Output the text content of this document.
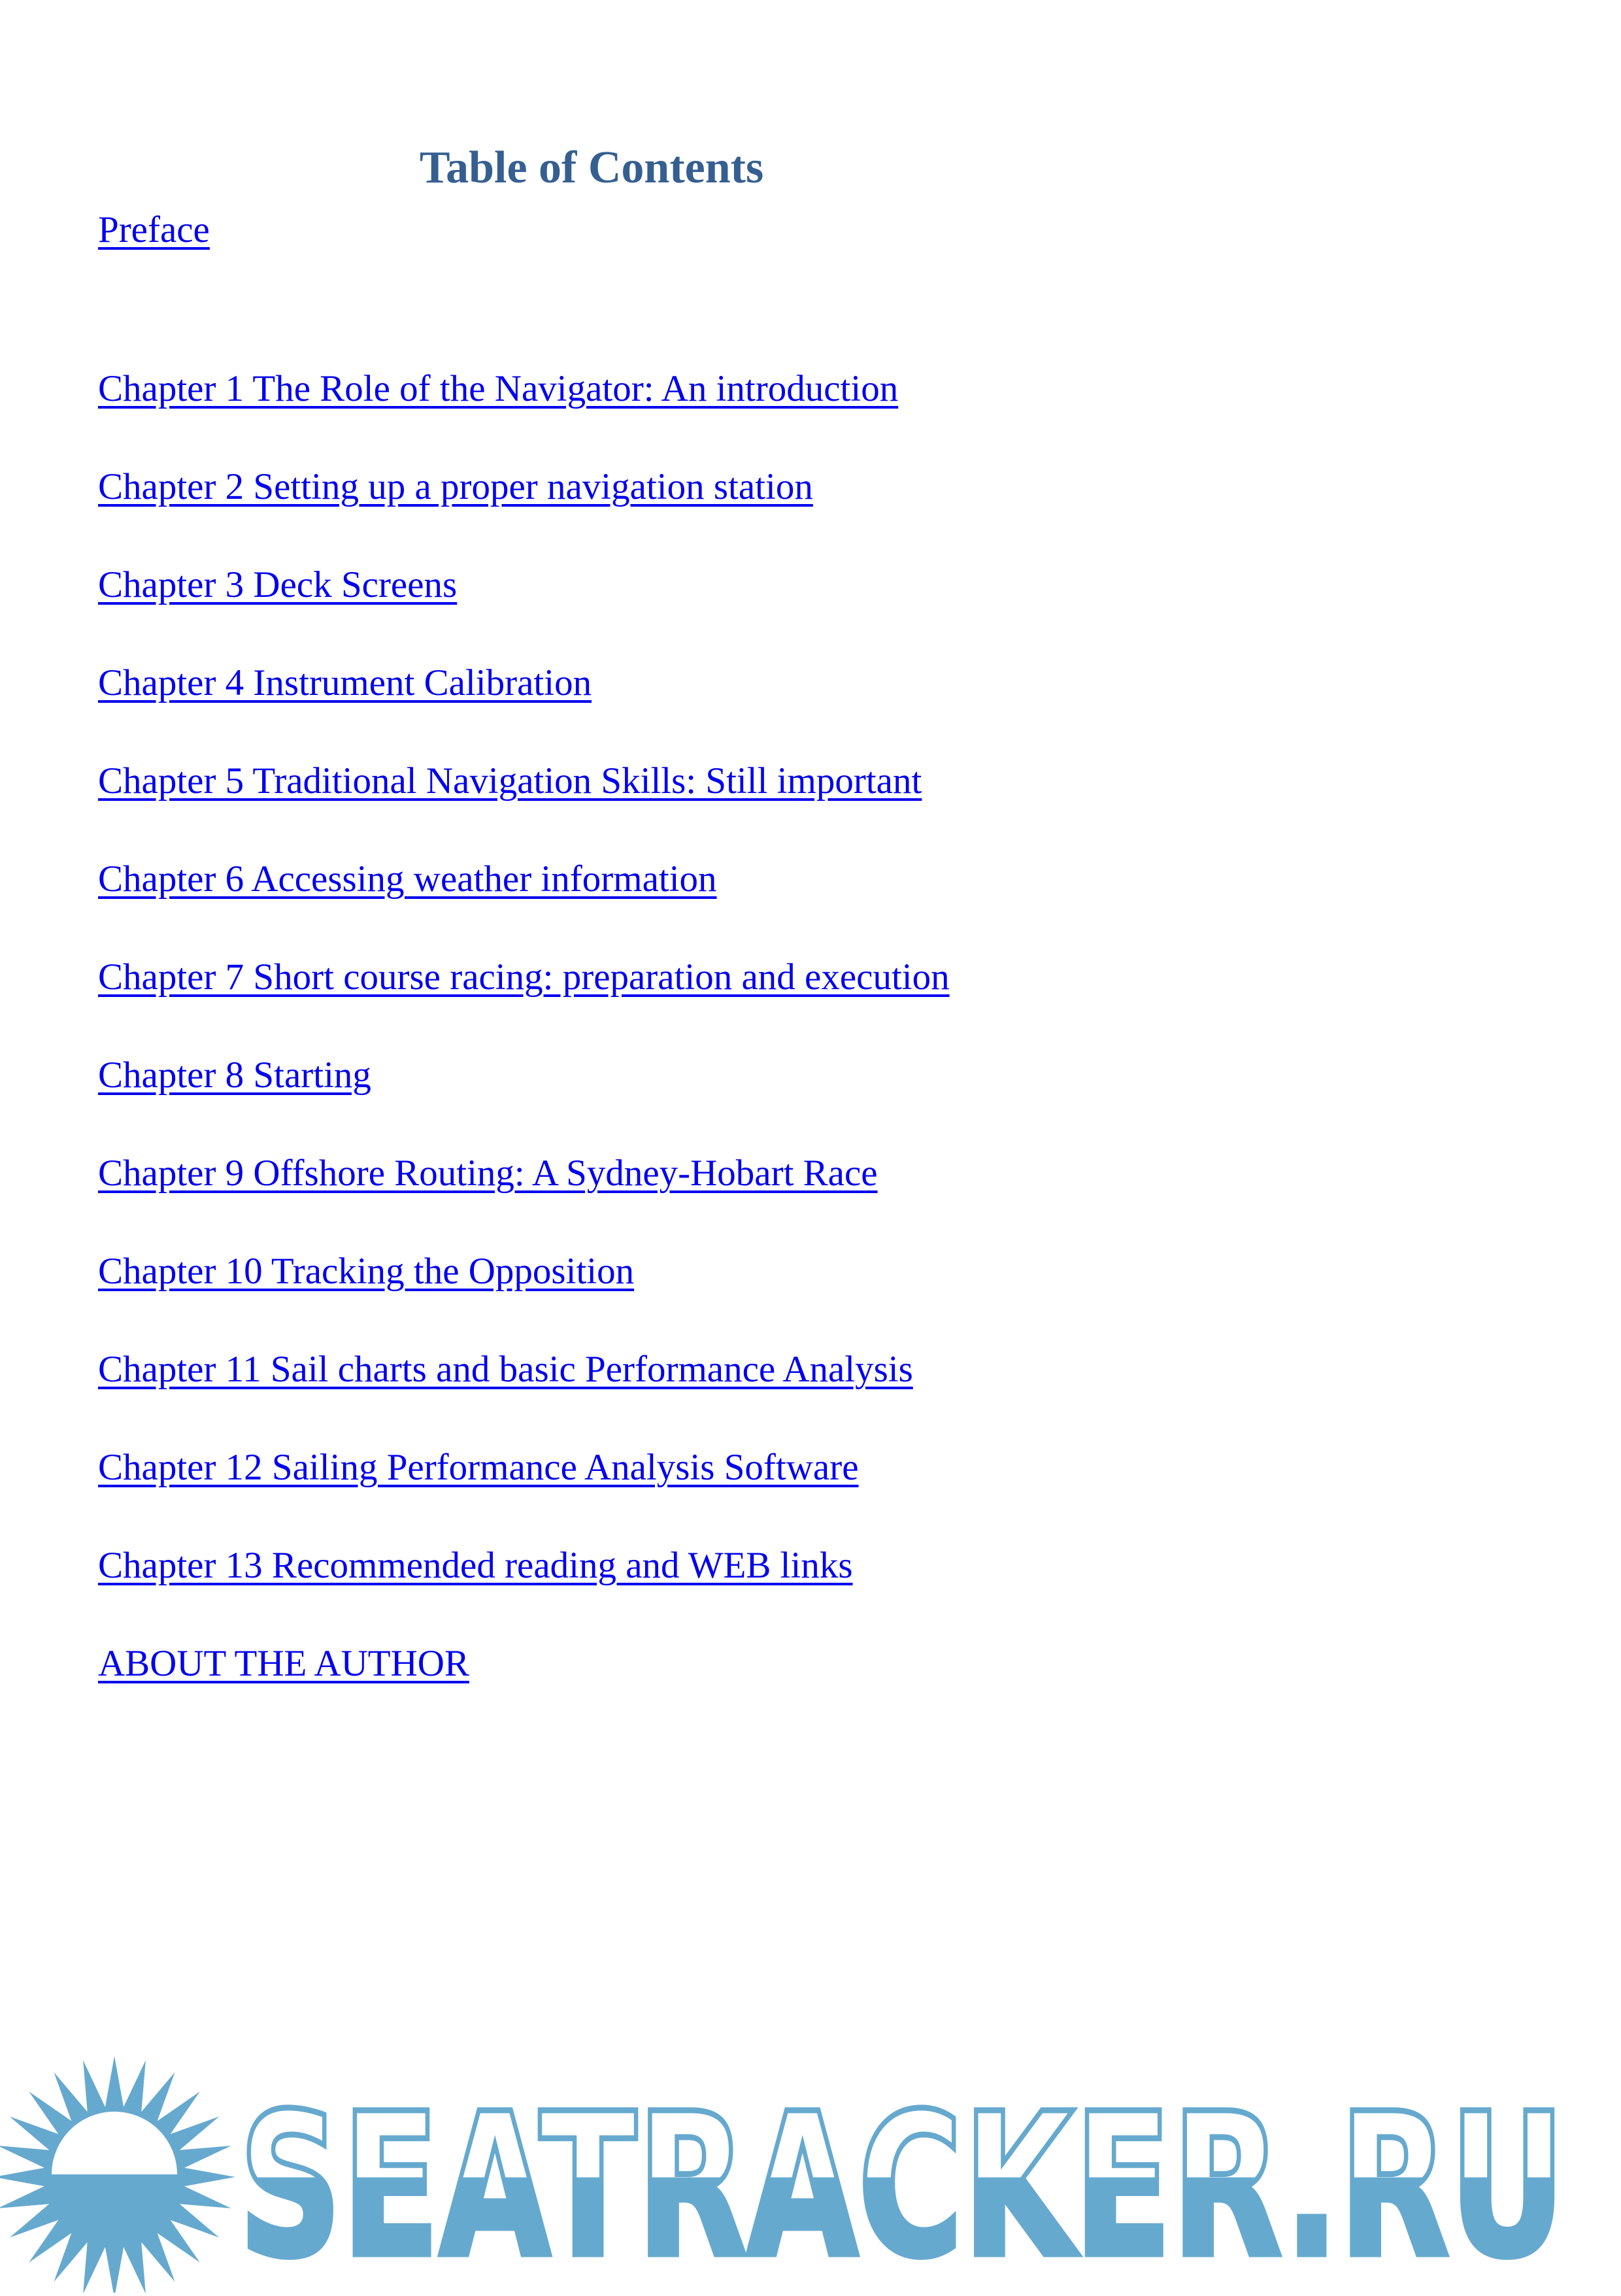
Table of Contents
Preface
Chapter 1 The Role of the Navigator: An introduction
Chapter 2 Setting up a proper navigation station
Chapter 3 Deck Screens
Chapter 4 Instrument Calibration
Chapter 5 Traditional Navigation Skills: Still important
Chapter 6 Accessing weather information
Chapter 7 Short course racing: preparation and execution
Chapter 8 Starting
Chapter 9 Offshore Routing: A Sydney-Hobart Race
Chapter 10 Tracking the Opposition
Chapter 11 Sail charts and basic Performance Analysis
Chapter 12 Sailing Performance Analysis Software
Chapter 13 Recommended reading and WEB links
ABOUT THE AUTHOR
SEATRACKER.RU
